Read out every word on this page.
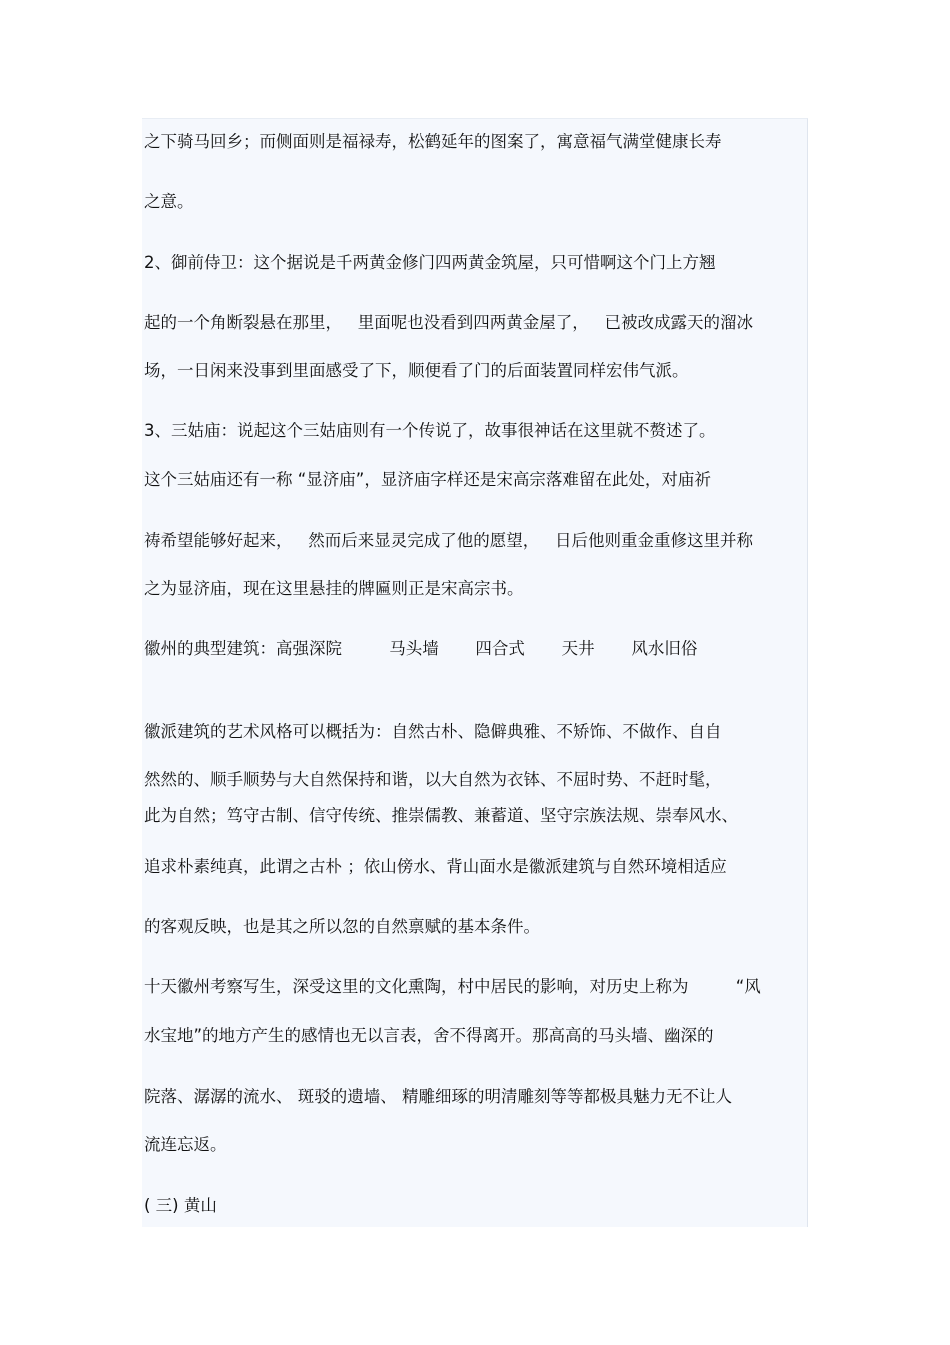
之下骑马回乡；而侧面则是福禄寿，松鹤延年的图案了，寓意福气满堂健康长寿

之意。

2、御前侍卫：这个据说是千两黄金修门四两黄金筑屋，只可惜啊这个门上方翘

起的一个角断裂悬在那里，   里面呢也没看到四两黄金屋了，   已被改成露天的溜冰

场，一日闲来没事到里面感受了下，顺便看了门的后面装置同样宏伟气派。

3、三姑庙：说起这个三姑庙则有一个传说了，故事很神话在这里就不赘述了。

这个三姑庙还有一称 “显济庙”，显济庙字样还是宋高宗落难留在此处，对庙祈

祷希望能够好起来，   然而后来显灵完成了他的愿望，   日后他则重金重修这里并称

之为显济庙，现在这里悬挂的牌匾则正是宋高宗书。

徽州的典型建筑：高强深院         马头墙       四合式       天井       风水旧俗

徽派建筑的艺术风格可以概括为：自然古朴、隐僻典雅、不矫饰、不做作、自自

然然的、顺手顺势与大自然保持和谐，以大自然为衣钵、不屈时势、不赶时髦，

此为自然；笃守古制、信守传统、推崇儒教、兼蓄道、坚守宗族法规、崇奉风水、

追求朴素纯真，此谓之古朴 ；依山傍水、背山面水是徽派建筑与自然环境相适应

的客观反映，也是其之所以忽的自然禀赋的基本条件。

十天徽州考察写生，深受这里的文化熏陶，村中居民的影响，对历史上称为         “风

水宝地”的地方产生的感情也无以言表，舍不得离开。那高高的马头墙、幽深的

院落、潺潺的流水、 斑驳的遗墙、 精雕细琢的明清雕刻等等都极具魅力无不让人

流连忘返。

( 三) 黄山
